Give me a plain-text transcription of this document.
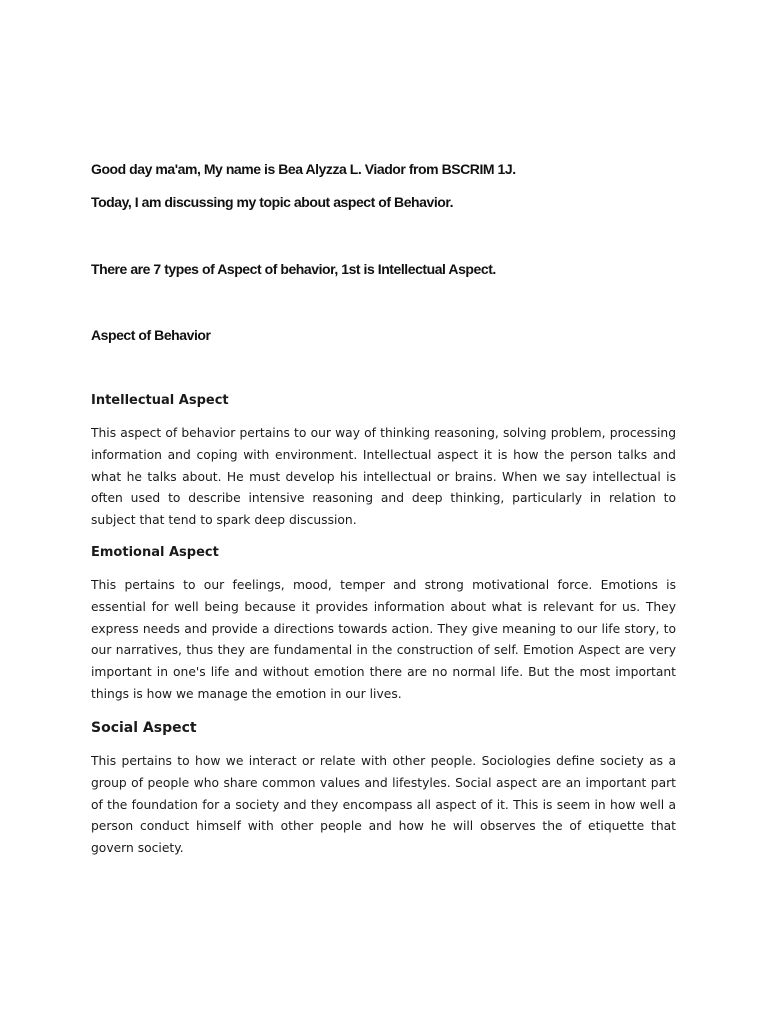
Good day ma'am, My name is Bea Alyzza L. Viador from BSCRIM 1J.
Today, I am discussing my topic about aspect of Behavior.
There are 7 types of Aspect of behavior, 1st is Intellectual Aspect.
Aspect of Behavior
Intellectual Aspect

This aspect of behavior pertains to our way of thinking reasoning, solving problem, processing information and coping with environment. Intellectual aspect it is how the person talks and what he talks about. He must develop his intellectual or brains. When we say intellectual is often used to describe intensive reasoning and deep thinking, particularly in relation to subject that tend to spark deep discussion.

Emotional Aspect

This pertains to our feelings, mood, temper and strong motivational force. Emotions is essential for well being because it provides information about what is relevant for us. They express needs and provide a directions towards action. They give meaning to our life story, to our narratives, thus they are fundamental in the construction of self. Emotion Aspect are very important in one's life and without emotion there are no normal life. But the most important things is how we manage the emotion in our lives.

Social Aspect

This pertains to how we interact or relate with other people. Sociologies define society as a group of people who share common values and lifestyles. Social aspect are an important part of the foundation for a society and they encompass all aspect of it. This is seem in how well a person conduct himself with other people and how he will observes the of etiquette that govern society.
